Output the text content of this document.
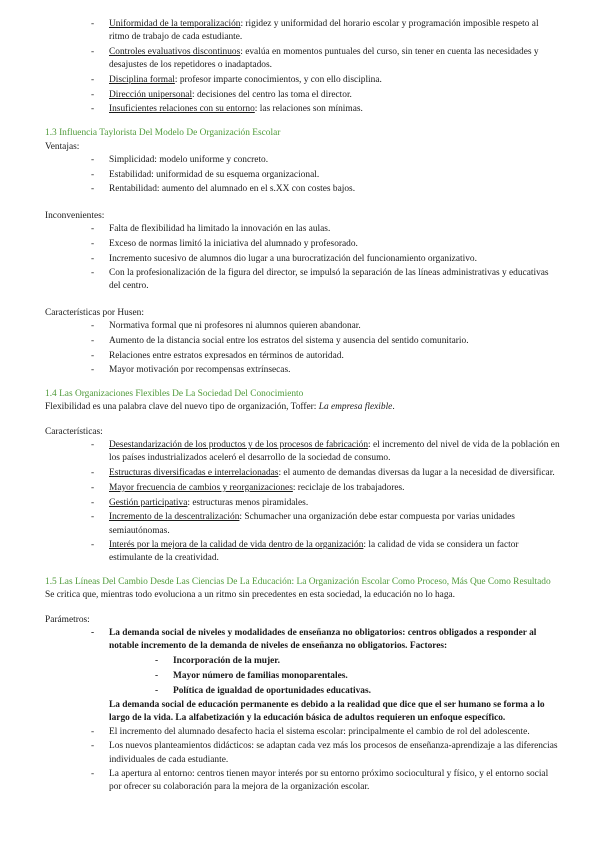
- Uniformidad de la temporalización: rigidez y uniformidad del horario escolar y programación imposible respeto al ritmo de trabajo de cada estudiante.
- Controles evaluativos discontinuos: evalúa en momentos puntuales del curso, sin tener en cuenta las necesidades y desajustes de los repetidores o inadaptados.
- Disciplina formal: profesor imparte conocimientos, y con ello disciplina.
- Dirección unipersonal: decisiones del centro las toma el director.
- Insuficientes relaciones con su entorno: las relaciones son mínimas.
1.3 Influencia Taylorista Del Modelo De Organización Escolar

Ventajas:

- Simplicidad: modelo uniforme y concreto.
- Estabilidad: uniformidad de su esquema organizacional.
- Rentabilidad: aumento del alumnado en el s.XX con costes bajos.

Inconvenientes:

- Falta de flexibilidad ha limitado la innovación en las aulas.
- Exceso de normas limitó la iniciativa del alumnado y profesorado.
- Incremento sucesivo de alumnos dio lugar a una burocratización del funcionamiento organizativo.
- Con la profesionalización de la figura del director, se impulsó la separación de las líneas administrativas y educativas del centro.

Características por Husen:

- Normativa formal que ni profesores ni alumnos quieren abandonar.
- Aumento de la distancia social entre los estratos del sistema y ausencia del sentido comunitario.
- Relaciones entre estratos expresados en términos de autoridad.
- Mayor motivación por recompensas extrínsecas.
1.4 Las Organizaciones Flexibles De La Sociedad Del Conocimiento

Flexibilidad es una palabra clave del nuevo tipo de organización, Toffer: La empresa flexible.

Características:

- Desestandarización de los productos y de los procesos de fabricación: el incremento del nivel de vida de la población en los países industrializados aceleró el desarrollo de la sociedad de consumo.
- Estructuras diversificadas e interrelacionadas: el aumento de demandas diversas da lugar a la necesidad de diversificar.
- Mayor frecuencia de cambios y reorganizaciones: reciclaje de los trabajadores.
- Gestión participativa: estructuras menos piramidales.
- Incremento de la descentralización: Schumacher una organización debe estar compuesta por varias unidades semiautónomas.
- Interés por la mejora de la calidad de vida dentro de la organización: la calidad de vida se considera un factor estimulante de la creatividad.
1.5 Las Líneas Del Cambio Desde Las Ciencias De La Educación: La Organización Escolar Como Proceso, Más Que Como Resultado

Se critica que, mientras todo evoluciona a un ritmo sin precedentes en esta sociedad, la educación no lo haga.

Parámetros:

- La demanda social de niveles y modalidades de enseñanza no obligatorios: centros obligados a responder al notable incremento de la demanda de niveles de enseñanza no obligatorios. Factores:
- Incorporación de la mujer.
- Mayor número de familias monoparentales.
- Política de igualdad de oportunidades educativas.
La demanda social de educación permanente es debido a la realidad que dice que el ser humano se forma a lo largo de la vida. La alfabetización y la educación básica de adultos requieren un enfoque específico.
- El incremento del alumnado desafecto hacia el sistema escolar: principalmente el cambio de rol del adolescente.
- Los nuevos planteamientos didácticos: se adaptan cada vez más los procesos de enseñanza-aprendizaje a las diferencias individuales de cada estudiante.
- La apertura al entorno: centros tienen mayor interés por su entorno próximo sociocultural y físico, y el entorno social por ofrecer su colaboración para la mejora de la organización escolar.
